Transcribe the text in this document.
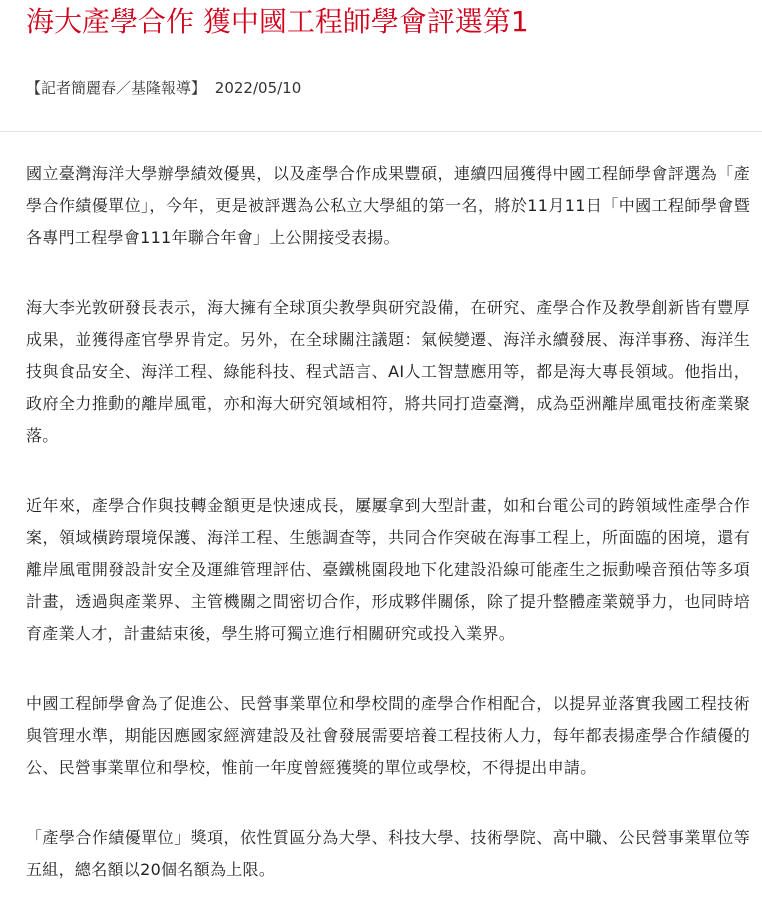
海大產學合作 獲中國工程師學會評選第1
【記者簡麗春／基隆報導】 2022/05/10

國立臺灣海洋大學辦學績效優異，以及產學合作成果豐碩，連續四屆獲得中國工程師學會評選為「產學合作績優單位」，今年，更是被評選為公私立大學組的第一名，將於11月11日「中國工程師學會暨各專門工程學會111年聯合年會」上公開接受表揚。

海大李光敦研發長表示，海大擁有全球頂尖教學與研究設備，在研究、產學合作及教學創新皆有豐厚成果，並獲得產官學界肯定。另外，在全球關注議題：氣候變遷、海洋永續發展、海洋事務、海洋生技與食品安全、海洋工程、綠能科技、程式語言、AI人工智慧應用等，都是海大專長領域。他指出，政府全力推動的離岸風電，亦和海大研究領域相符，將共同打造臺灣，成為亞洲離岸風電技術產業聚落。

近年來，產學合作與技轉金額更是快速成長，屢屢拿到大型計畫，如和台電公司的跨領域性產學合作案，領域橫跨環境保護、海洋工程、生態調查等，共同合作突破在海事工程上，所面臨的困境，還有離岸風電開發設計安全及運維管理評估、臺鐵桃園段地下化建設沿線可能產生之振動噪音預估等多項計畫，透過與產業界、主管機關之間密切合作，形成夥伴關係，除了提升整體產業競爭力，也同時培育產業人才，計畫結束後，學生將可獨立進行相關研究或投入業界。

中國工程師學會為了促進公、民營事業單位和學校間的產學合作相配合，以提昇並落實我國工程技術與管理水準，期能因應國家經濟建設及社會發展需要培養工程技術人力，每年都表揚產學合作績優的公、民營事業單位和學校，惟前一年度曾經獲獎的單位或學校，不得提出申請。

「產學合作績優單位」獎項，依性質區分為大學、科技大學、技術學院、高中職、公民營事業單位等五組，總名額以20個名額為上限。
